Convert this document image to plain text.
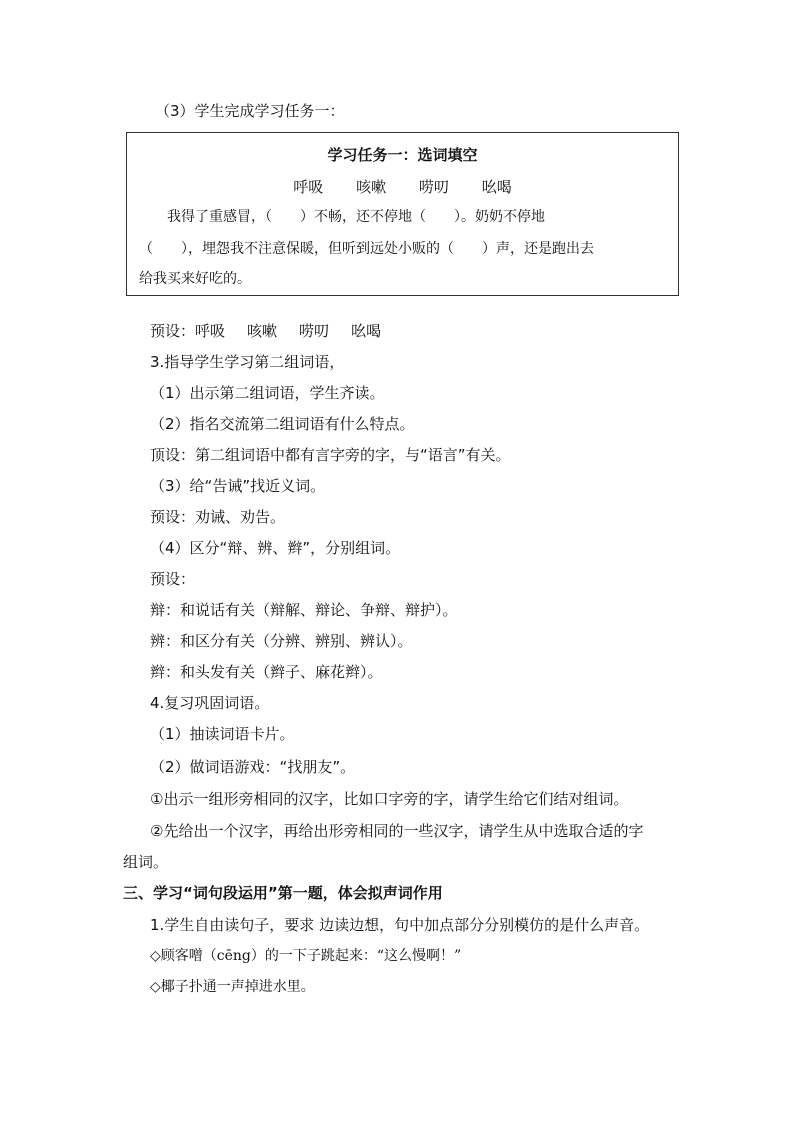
（3）学生完成学习任务一：
学习任务一：选词填空
呼吸 咳嗽 唠叨 吆喝
我得了重感冒，（　　）不畅，还不停地（　　）。奶奶不停地
（　　），埋怨我不注意保暖，但听到远处小贩的（　　）声，还是跑出去
给我买来好吃的。
预设：呼吸 咳嗽 唠叨 吆喝
3.指导学生学习第二组词语，
（1）出示第二组词语，学生齐读。
（2）指名交流第二组词语有什么特点。
顶设：第二组词语中都有言字旁的字，与“语言”有关。
（3）给“告诫”找近义词。
预设：劝诫、劝告。
（4）区分“辩、辨、辫”，分别组词。
预设：
辩：和说话有关（辩解、辩论、争辩、辩护）。
辨：和区分有关（分辨、辨别、辨认）。
辫：和头发有关（辫子、麻花辫）。
4.复习巩固词语。
（1）抽读词语卡片。
（2）做词语游戏：“找朋友”。
①出示一组形旁相同的汉字，比如口字旁的字，请学生给它们结对组词。
②先给出一个汉字，再给出形旁相同的一些汉字，请学生从中选取合适的字
组词。
三、学习“词句段运用”第一题，体会拟声词作用
1.学生自由读句子，要求 边读边想，句中加点部分分别模仿的是什么声音。
◇顾客噌（cēng）的一下子跳起来：“这么慢啊！”
◇椰子扑通一声掉进水里。
